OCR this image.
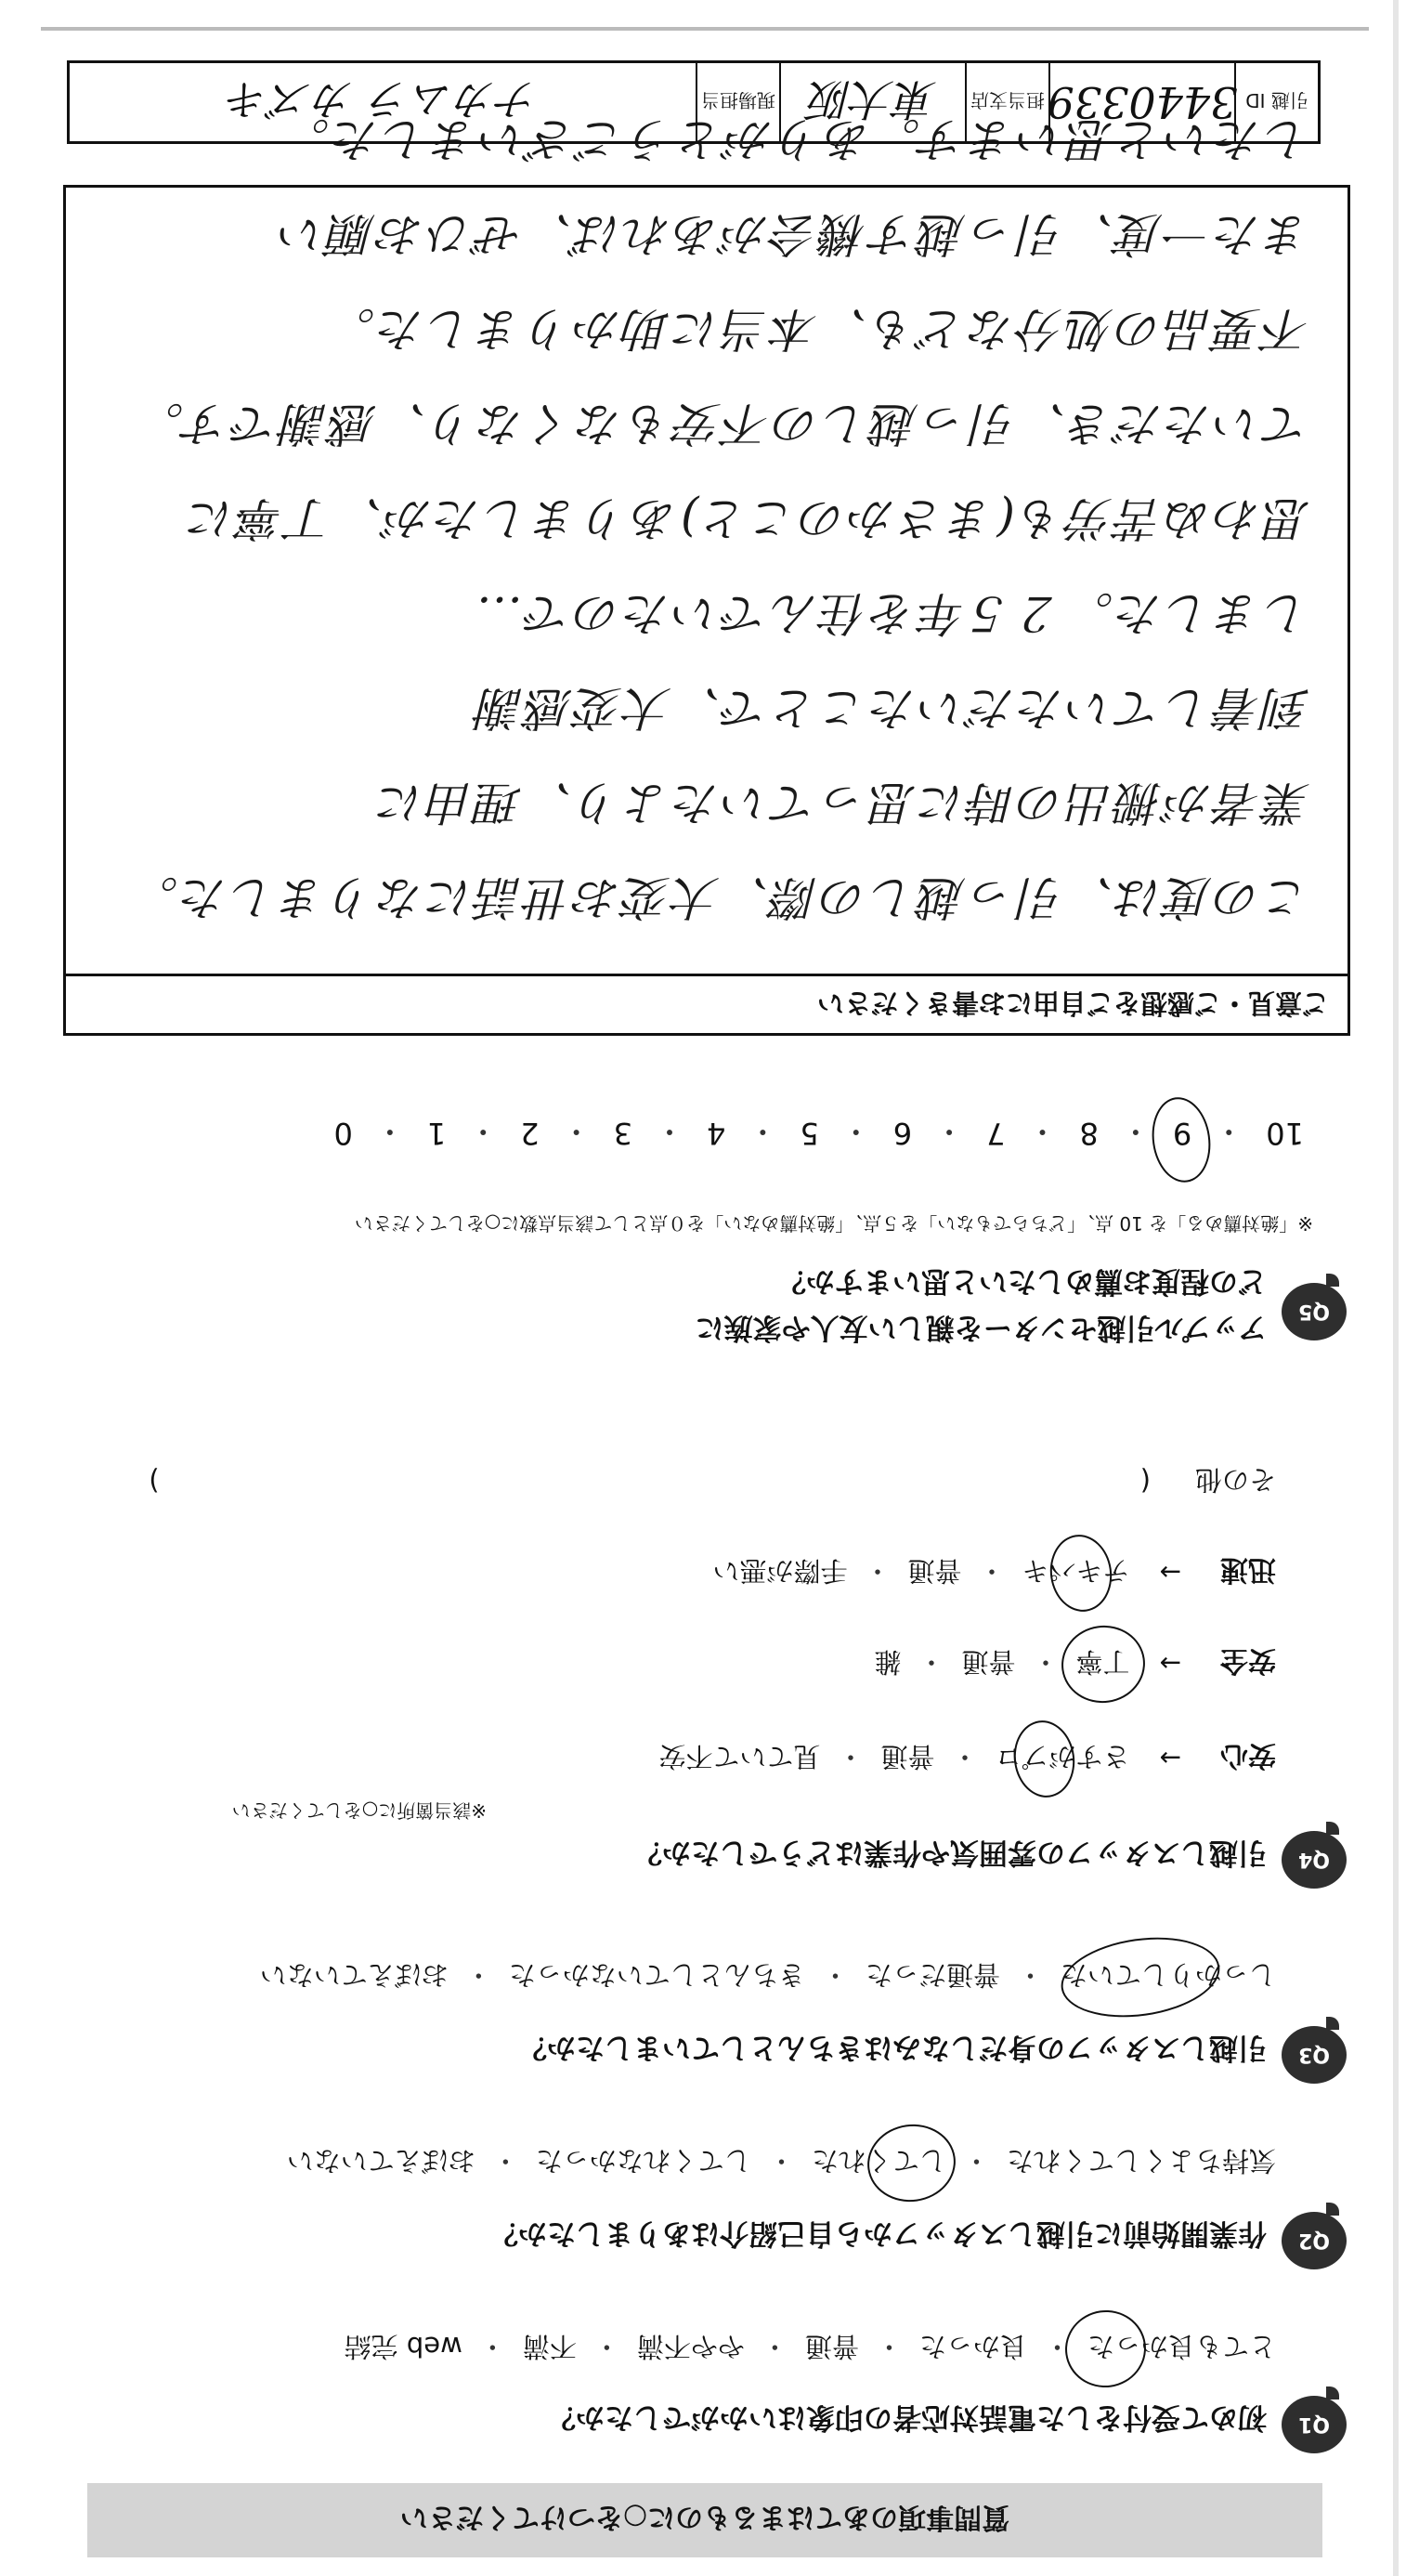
質問事項のあてはまるものに○をつけてください
Q1
初めて受付をした電話対応者の印象はいかがでしたか？
とても良かった
・
良かった
・
普通
・
やや不満
・
不満
・
web 完結
Q2
作業開始前に引越しスタッフから自己紹介はありましたか？
気持ちよくしてくれた
・
してくれた
・
してくれなかった
・
おぼえていない
Q3
引越しスタッフの身だしなみはきちんとしていましたか？
しっかりしていた
・
普通だった
・
きちんとしていなかった
・
おぼえていない
Q4
引越しスタッフの雰囲気や作業はどうでしたか？
※該当箇所に○をしてください
安心
→
さすがプロ
・
普通
・
見ていて不安
安全
→
丁寧
・
普通
・
雑
迅速
→
テキパキ
・
普通
・
手際が悪い
その他
(
)
Q5
アップル引越センターを親しい友人や家族に
どの程度お薦めしたいと思いますか？
※「絶対薦める」を 10 点、「どちらでもない」を５点、「絶対薦めない」を０点として該当点数に○をしてください
10
・
9
・
8
・
7
・
6
・
5
・
4
・
3
・
2
・
1
・
0
ご意見・ご感想をご自由にお書きください
この度は、引っ越しの際、大変お世話になりました。
業者が搬出の時に思っていたより、理由に
到着していただいたことで、大変感謝
しました。２５年を住んでいたので…
思わぬ苦労も(まさかのこと)ありましたが、丁寧に
ていただき、引っ越しの不安もなくなり、感謝です。
不要品の処分なども、本当に助かりました。
また一度、引っ越す機会があれば、ぜひお願い
したいと思います。ありがとうございました。
引越 ID
3440339
担当支店
東大阪
現場担当
ナカムラ カズキ
